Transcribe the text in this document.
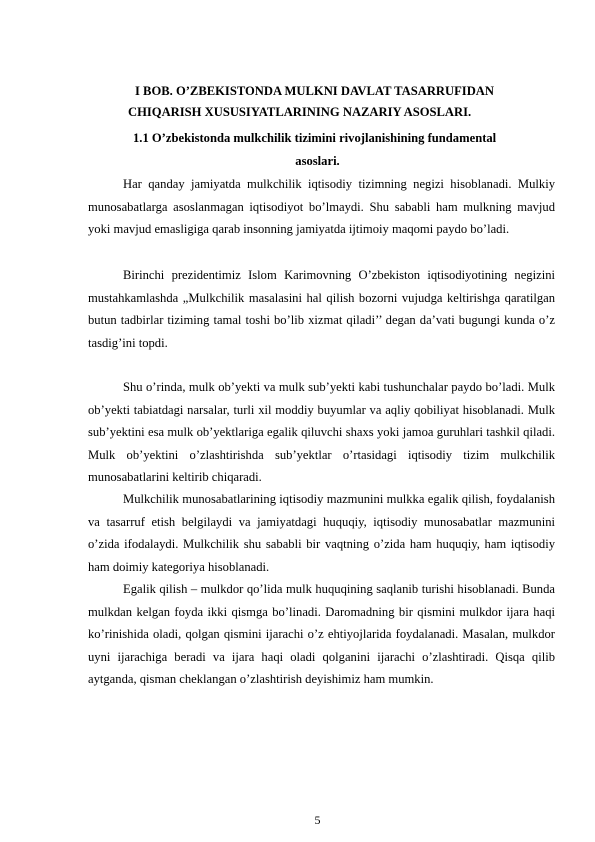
I BOB. O’ZBEKISTONDA MULKNI DAVLAT TASARRUFIDAN
CHIQARISH XUSUSIYATLARINING NAZARIY ASOSLARI.
1.1 O’zbekistonda mulkchilik tizimini rivojlanishining fundamental
asoslari.

Har qanday jamiyatda mulkchilik iqtisodiy tizimning negizi hisoblanadi. Mulkiy munosabatlarga asoslanmagan iqtisodiyot bo’lmaydi. Shu sababli ham mulkning mavjud yoki mavjud emasligiga qarab insonning jamiyatda ijtimoiy maqomi paydo bo’ladi.

Birinchi prezidentimiz Islom Karimovning O’zbekiston iqtisodiyotining negizini mustahkamlashda „Mulkchilik masalasini hal qilish bozorni vujudga keltirishga qaratilgan butun tadbirlar tiziming tamal toshi bo’lib xizmat qiladi’’ degan da’vati bugungi kunda o’z tasdig’ini topdi.

Shu o’rinda, mulk ob’yekti va mulk sub’yekti kabi tushunchalar paydo bo’ladi. Mulk ob’yekti tabiatdagi narsalar, turli xil moddiy buyumlar va aqliy qobiliyat hisoblanadi. Mulk sub’yektini esa mulk ob’yektlariga egalik qiluvchi shaxs yoki jamoa guruhlari tashkil qiladi. Mulk ob’yektini o’zlashtirishda sub’yektlar o’rtasidagi iqtisodiy tizim mulkchilik munosabatlarini keltirib chiqaradi.

Mulkchilik munosabatlarining iqtisodiy mazmunini mulkka egalik qilish, foydalanish va tasarruf etish belgilaydi va jamiyatdagi huquqiy, iqtisodiy munosabatlar mazmunini o’zida ifodalaydi. Mulkchilik shu sababli bir vaqtning o’zida ham huquqiy, ham iqtisodiy ham doimiy kategoriya hisoblanadi.

Egalik qilish – mulkdor qo’lida mulk huquqining saqlanib turishi hisoblanadi. Bunda mulkdan kelgan foyda ikki qismga bo’linadi. Daromadning bir qismini mulkdor ijara haqi ko’rinishida oladi, qolgan qismini ijarachi o’z ehtiyojlarida foydalanadi. Masalan, mulkdor uyni ijarachiga beradi va ijara haqi oladi qolganini ijarachi o’zlashtiradi. Qisqa qilib aytganda, qisman cheklangan o’zlashtirish deyishimiz ham mumkin.

5
